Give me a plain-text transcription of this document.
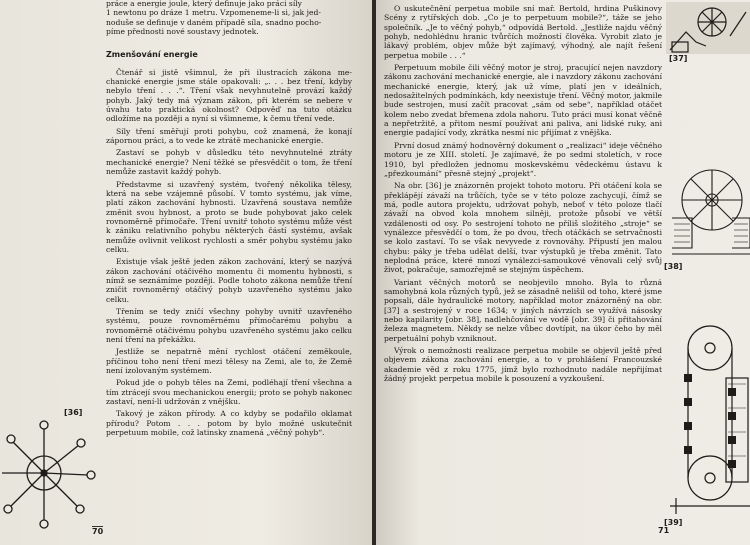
práce a energie joule, který definuje jako práci síly

1 newtonu po dráze 1 metru. Vzpomeneme-li si, jak jed-

noduše se definuje v daném případě síla, snadno pocho-

píme přednosti nové soustavy jednotek.

Zmenšování energie

Čtenář si jistě všimnul, že při ilustracích zákona me-chanické energie jsme stále opakovali: „. . . bez tření, kdyby nebylo tření . . .“. Tření však nevyhnutelně provází každý pohyb. Jaký tedy má význam zákon, při kterém se nebere v úvahu tato praktická okolnost? Odpověď na tuto otázku odložíme na později a nyní si všimneme, k čemu tření vede.

Síly tření směřují proti pohybu, což znamená, že konají zápornou práci, a to vede ke ztrátě mechanické energie.

Zastaví se pohyb v důsledku této nevyhnutelné ztráty mechanické energie? Není těžké se přesvědčit o tom, že tření nemůže zastavit každý pohyb.

Představme si uzavřený systém, tvořený několika tělesy, která na sebe vzájemně působí. V tomto systému, jak víme, platí zákon zachování hybnosti. Uzavřená soustava nemůže změnit svou hybnost, a proto se bude pohybovat jako celek rovnoměrně přímočaře. Tření uvnitř tohoto systému může vést k zániku relativního pohybu některých částí systému, avšak nemůže ovlivnit velikost rychlosti a směr pohybu systému jako celku.

Existuje však ještě jeden zákon zachování, který se nazývá zákon zachování otáčivého momentu či momentu hybnosti, s nímž se seznámíme později. Podle tohoto zákona nemůže tření zničit rovnoměrný otáčivý pohyb uzavřeného systému jako celku.

Třením se tedy zničí všechny pohyby uvnitř uzavřeného systému, pouze rovnoměrnému přímočarému pohybu a rovnoměrně otáčivému pohybu uzavřeného systému jako celku není tření na překážku.

Jestliže se nepatrně mění rychlost otáčení zeměkoule, příčinou toho není tření mezi tělesy na Zemi, ale to, že Země není izolovaným systémem.

Pokud jde o pohyb těles na Zemi, podléhají tření všechna a tím ztrácejí svou mechanickou energii; proto se pohyb nakonec zastaví, není-li udržován z vnějšku.

Takový je zákon přírody. A co kdyby se podařilo oklamat přírodu? Potom . . . potom by bylo možné uskutečnit perpetuum mobile, což latinsky znamená „věčný pohyb“.

[36]
70

O uskutečnění perpetua mobile sní mař. Bertold, hrdina Puškinovy Scény z rytířských dob. „Co je to perpetuum mobile?“, táže se jeho společník. „Je to věčný pohyb,“ odpovídá Bertold. „Jestliže najdu věčný pohyb, nedohlédnu hranic tvůrčích možností člověka. Vyrobit zlato je lákavý problém, objev může být zajímavý, výhodný, ale najít řešení perpetua mobile . . .“

Perpetuum mobile čili věčný motor je stroj, pracující nejen navzdory zákonu zachování mechanické energie, ale i navzdory zákonu zachování mechanické energie, který, jak už víme, platí jen v ideálních, nedosažitelných podmínkách, kdy neexistuje tření. Věčný motor, jakmile bude sestrojen, musí začít pracovat „sám od sebe“, například otáčet kolem nebo zvedat břemena zdola nahoru. Tuto práci musí konat věčně a nepřetržitě, a přitom nesmí používat ani paliva, ani lidské ruky, ani energie padající vody, zkrátka nesmí nic přijímat z vnějška.

První dosud známý hodnověrný dokument o „realizaci“ ideje věčného motoru je ze XIII. století. Je zajímavé, že po sedmi stoletích, v roce 1910, byl předložen jednomu moskevskému vědeckému ústavu k „přezkoumání“ přesně stejný „projekt“.

Na obr. [36] je znázorněn projekt tohoto motoru. Při otáčení kola se překlápějí závaží na trůčích, tyče se v této poloze zachycují, čímž se má, podle autora projektu, udržovat pohyb, neboť v této poloze tlačí závaží na obvod kola mnohem silněji, protože působí ve větší vzdálenosti od osy. Po sestrojení tohoto ne příliš složitého „stroje“ se vynálezce přesvědčí o tom, že po dvou, třech otáčkách se setrvačnosti se kolo zastaví. To se však nevyvede z rovnováhy. Připustí jen malou chybu: páky je třeba udělat delší, tvar výstupků je třeba změnit. Tato neplodná práce, které mnozí vynálezci-samoukové věnovali celý svůj život, pokračuje, samozřejmě se stejným úspěchem.

Variant věčných motorů se neobjevilo mnoho. Byla to různá samohybná kola různých typů, jež se zásadně nelišil od toho, které jsme popsali, dále hydraulické motory, například motor znázorněný na obr. [37] a sestrojený v roce 1634; v jiných návrzích se využívá násosky nebo kapilarity [obr. 38], nadlehčování ve vodě [obr. 39] či přitahování železa magnetem. Někdy se nelze vůbec dovtípit, na úkor čeho by měl perpetuální pohyb vzniknout.

Výrok o nemožnosti realizace perpetua mobile se objevil ještě před objevem zákona zachování energie, a to v prohlášení Francouzské akademie věd z roku 1775, jímž bylo rozhodnuto nadále nepřijímat žádný projekt perpetua mobile k posouzení a vyzkoušení.

[37]
[38]
[39]
71
